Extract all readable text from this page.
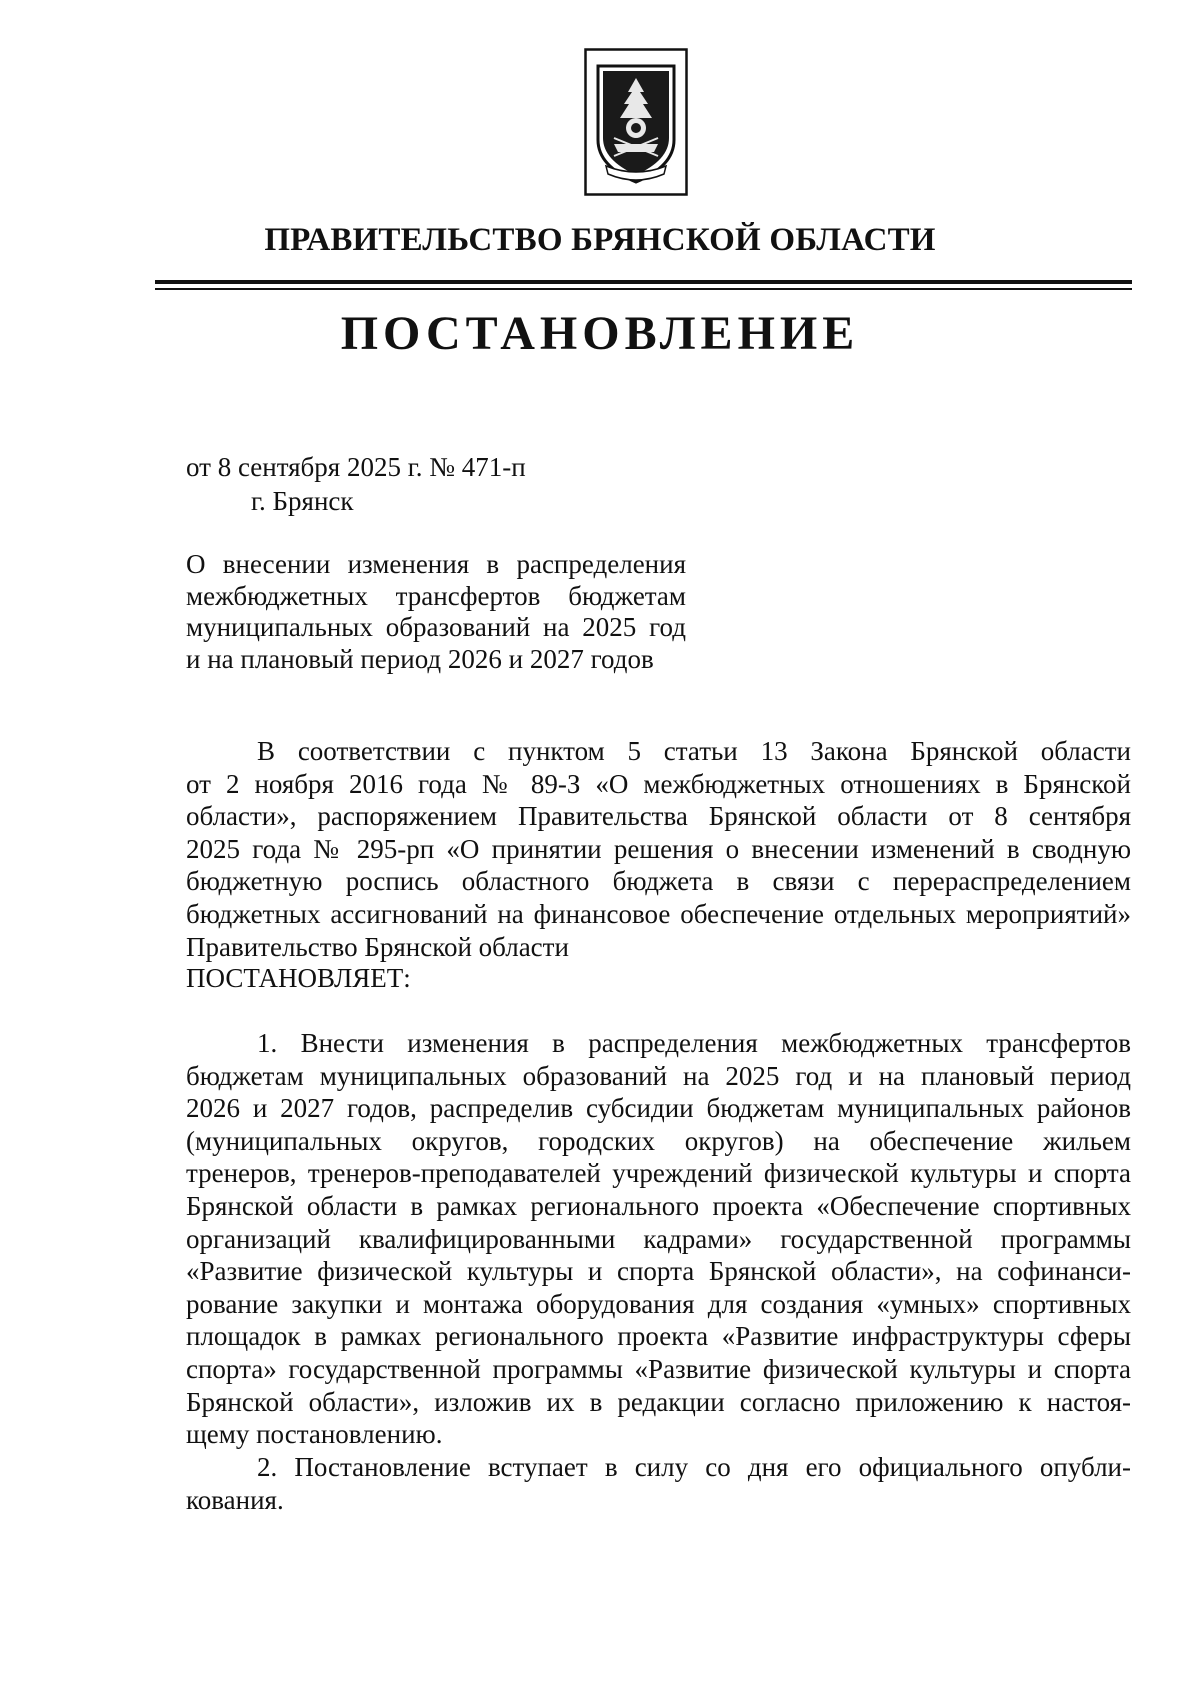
ПРАВИТЕЛЬСТВО БРЯНСКОЙ ОБЛАСТИ
ПОСТАНОВЛЕНИЕ
от 8 сентября 2025 г. № 471-п
г. Брянск
О внесении изменения в распределения
межбюджетных трансфертов бюджетам
муниципальных образований на 2025 год
и на плановый период 2026 и 2027 годов
В соответствии с пунктом 5 статьи 13 Закона Брянской области
от 2 ноября 2016 года № 89-З «О межбюджетных отношениях в Брянской
области», распоряжением Правительства Брянской области от 8 сентября
2025 года № 295-рп «О принятии решения о внесении изменений в сводную
бюджетную роспись областного бюджета в связи с перераспределением
бюджетных ассигнований на финансовое обеспечение отдельных мероприятий»
Правительство Брянской области
ПОСТАНОВЛЯЕТ:
1. Внести изменения в распределения межбюджетных трансфертов
бюджетам муниципальных образований на 2025 год и на плановый период
2026 и 2027 годов, распределив субсидии бюджетам муниципальных районов
(муниципальных округов, городских округов) на обеспечение жильем
тренеров, тренеров-преподавателей учреждений физической культуры и спорта
Брянской области в рамках регионального проекта «Обеспечение спортивных
организаций квалифицированными кадрами» государственной программы
«Развитие физической культуры и спорта Брянской области», на софинанси-
рование закупки и монтажа оборудования для создания «умных» спортивных
площадок в рамках регионального проекта «Развитие инфраструктуры сферы
спорта» государственной программы «Развитие физической культуры и спорта
Брянской области», изложив их в редакции согласно приложению к настоя-
щему постановлению.
2. Постановление вступает в силу со дня его официального опубли-
кования.
